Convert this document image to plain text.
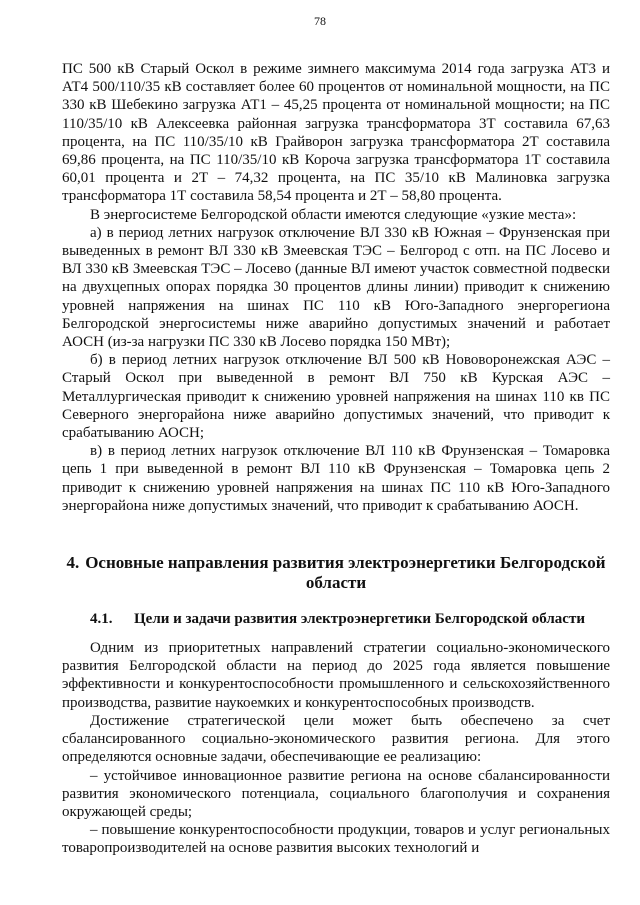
78

ПС 500 кВ Старый Оскол в режиме зимнего максимума 2014 года загрузка АТ3 и АТ4 500/110/35 кВ составляет более 60 процентов от номинальной мощности, на ПС 330 кВ Шебекино загрузка АТ1 – 45,25 процента от номинальной мощности; на ПС 110/35/10 кВ Алексеевка районная загрузка трансформатора 3Т составила 67,63 процента, на ПС 110/35/10 кВ Грайворон загрузка трансформатора 2Т составила 69,86 процента, на ПС 110/35/10 кВ Короча загрузка трансформатора 1Т составила 60,01 процента и 2Т – 74,32 процента, на ПС 35/10 кВ Малиновка загрузка трансформатора 1Т составила 58,54 процента и 2Т – 58,80 процента.

В энергосистеме Белгородской области имеются следующие «узкие места»:

а) в период летних нагрузок отключение ВЛ 330 кВ Южная – Фрунзенская при выведенных в ремонт ВЛ 330 кВ Змеевская ТЭС – Белгород с отп. на ПС Лосево и ВЛ 330 кВ Змеевская ТЭС – Лосево (данные ВЛ имеют участок совместной подвески на двухцепных опорах порядка 30 процентов длины линии) приводит к снижению уровней напряжения на шинах ПС 110 кВ Юго-Западного энергорегиона Белгородской энергосистемы ниже аварийно допустимых значений и работает АОСН (из-за нагрузки ПС 330 кВ Лосево порядка 150 МВт);

б) в период летних нагрузок отключение ВЛ 500 кВ Нововоронежская АЭС – Старый Оскол при выведенной в ремонт ВЛ 750 кВ Курская АЭС – Металлургическая приводит к снижению уровней напряжения на шинах 110 кв ПС Северного энергорайона ниже аварийно допустимых значений, что приводит к срабатыванию АОСН;

в) в период летних нагрузок отключение ВЛ 110 кВ Фрунзенская – Томаровка цепь 1 при выведенной в ремонт ВЛ 110 кВ Фрунзенская – Томаровка цепь 2 приводит к снижению уровней напряжения на шинах ПС 110 кВ Юго-Западного энергорайона ниже допустимых значений, что приводит к срабатыванию АОСН.

4. Основные направления развития электроэнергетики Белгородской области
4.1. Цели и задачи развития электроэнергетики Белгородской области

Одним из приоритетных направлений стратегии социально-экономического развития Белгородской области на период до 2025 года является повышение эффективности и конкурентоспособности промышленного и сельскохозяйственного производства, развитие наукоемких и конкурентоспособных производств.

Достижение стратегической цели может быть обеспечено за счет сбалансированного социально-экономического развития региона. Для этого определяются основные задачи, обеспечивающие ее реализацию:

– устойчивое инновационное развитие региона на основе сбалансированности развития экономического потенциала, социального благополучия и сохранения окружающей среды;

– повышение конкурентоспособности продукции, товаров и услуг региональных товаропроизводителей на основе развития высоких технологий и
